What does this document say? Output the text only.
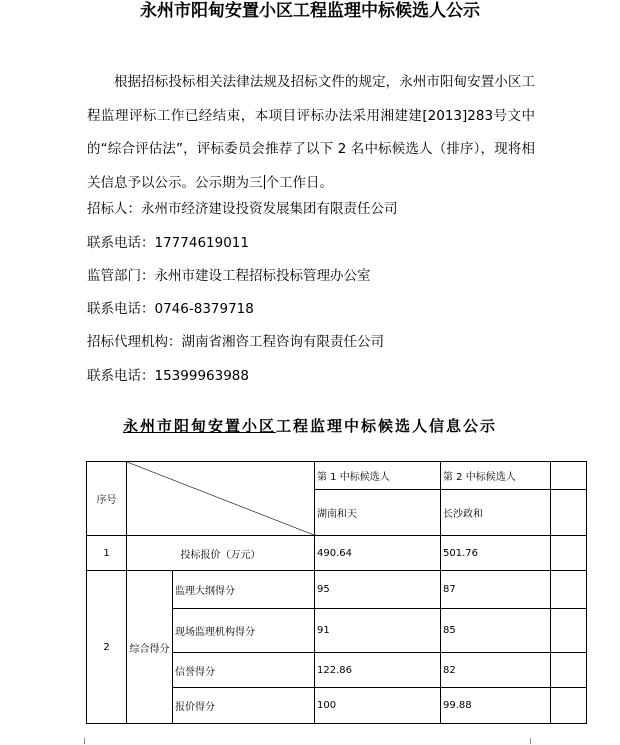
永州市阳甸安置小区工程监理中标候选人公示
根据招标投标相关法律法规及招标文件的规定，永州市阳甸安置小区工程监理评标工作已经结束，本项目评标办法采用湘建建[2013]283号文中的“综合评估法”，评标委员会推荐了以下 2 名中标候选人（排序），现将相关信息予以公示。公示期为三 个工作日。
招标人：永州市经济建设投资发展集团有限责任公司
联系电话：17774619011
监管部门：永州市建设工程招标投标管理办公室
联系电话：0746-8379718
招标代理机构：湖南省湘咨工程咨询有限责任公司
联系电话：15399963988
永州市阳甸安置小区工程监理中标候选人信息公示
序号			第 1 中标候选人	第 2 中标候选人	
			湖南和天	长沙政和	
1	投标报价（万元）		490.64	501.76	
2	综合得分	监理大纲得分	95	87	
		现场监理机构得分	91	85	
		信誉得分	122.86	82	
		报价得分	100	99.88	
